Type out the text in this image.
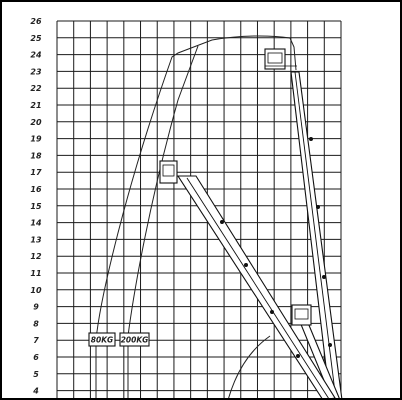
4
5
6
7
8
9
10
11
12
13
14
15
16
17
18
19
20
21
22
23
24
25
26
80KG 200KG
